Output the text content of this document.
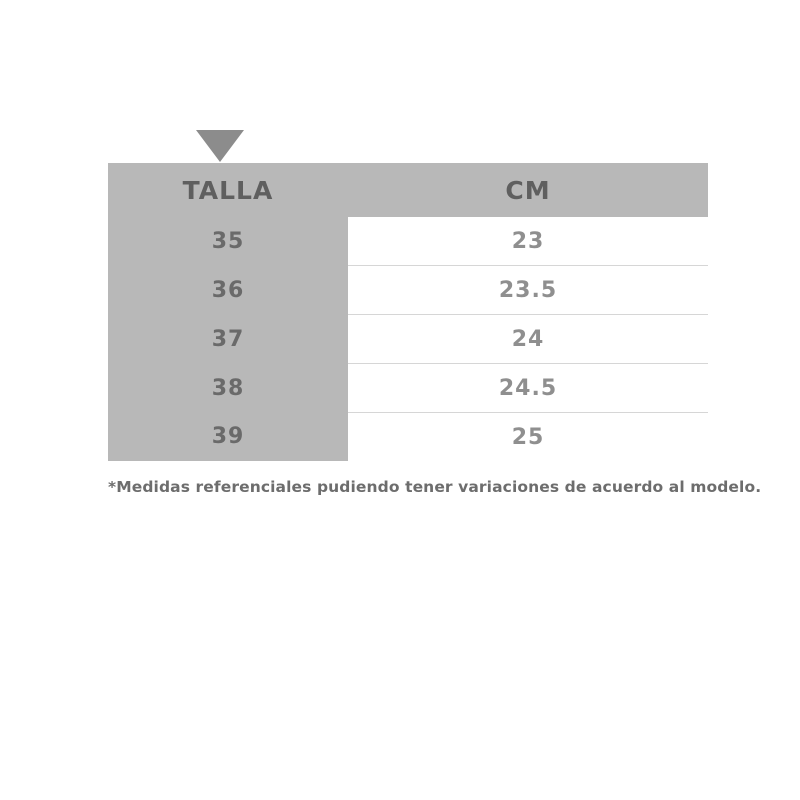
TALLA	CM
35	23
36	23.5
37	24
38	24.5
39	25
*Medidas referenciales pudiendo tener variaciones de acuerdo al modelo.
